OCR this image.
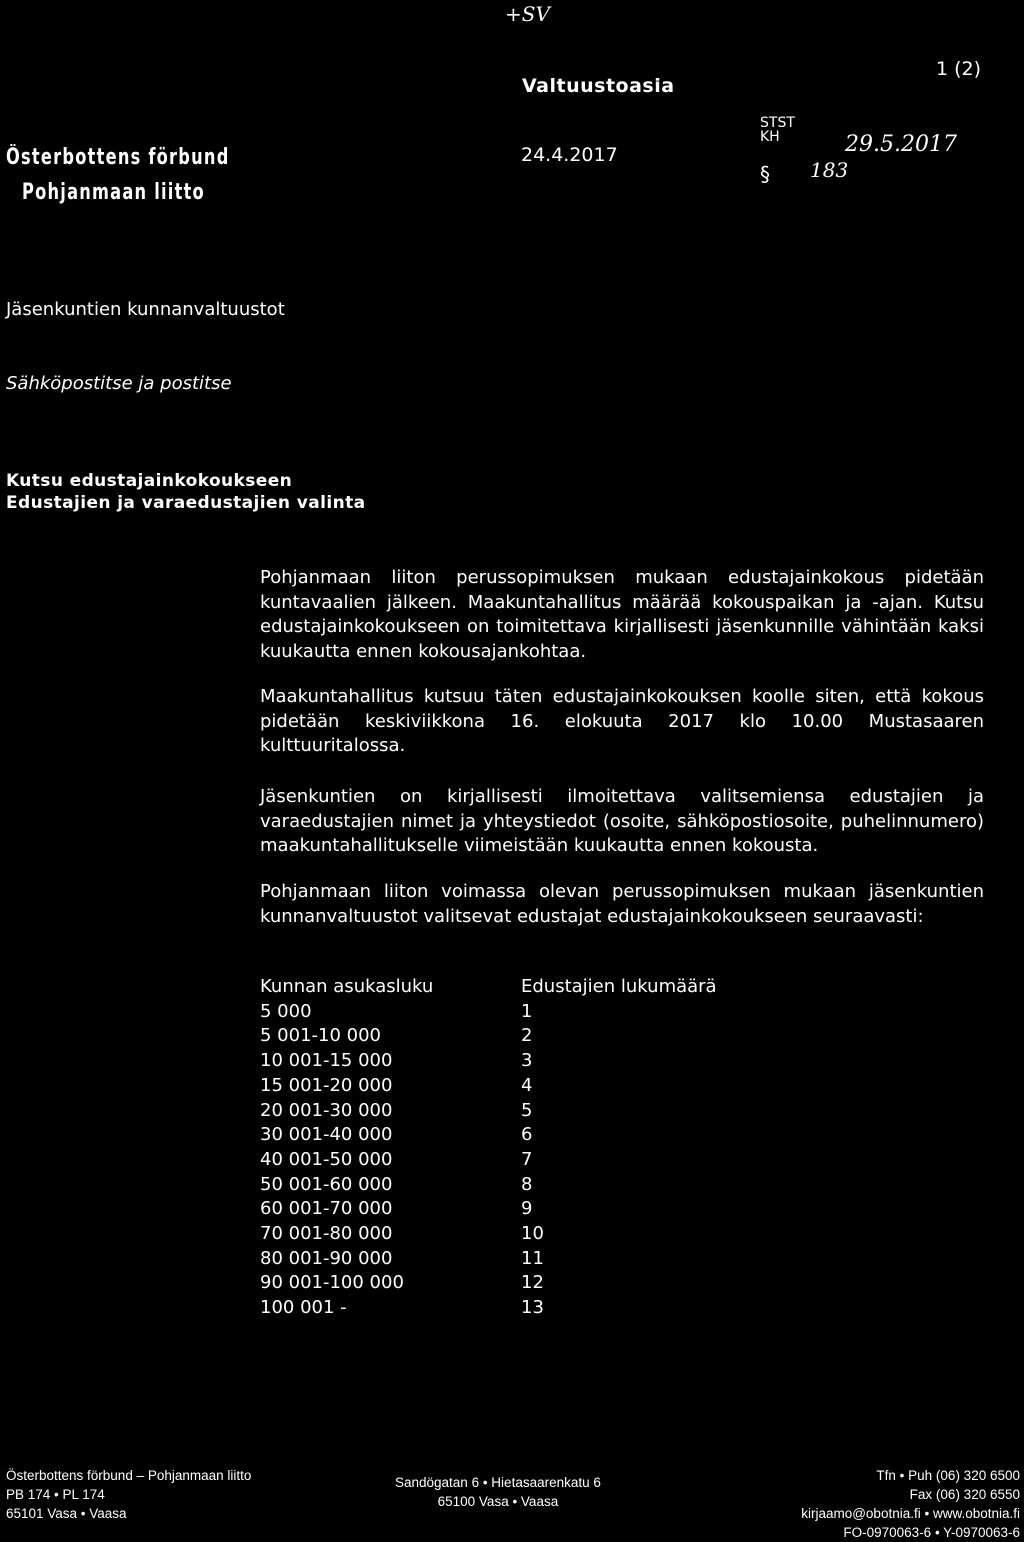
+SV
1 (2)
Valtuustoasia
Österbottens förbund
Pohjanmaan liitto
24.4.2017
STST
KH
§
29.5.2017
183
Jäsenkuntien kunnanvaltuustot
Sähköpostitse ja postitse
Kutsu edustajainkokoukseen
Edustajien ja varaedustajien valinta

Pohjanmaan liiton perussopimuksen mukaan edustajainkokous pidetään kuntavaalien jälkeen. Maakuntahallitus määrää kokouspaikan ja -ajan. Kutsu edustajainkokoukseen on toimitettava kirjallisesti jäsenkunnille vähintään kaksi kuukautta ennen kokousajankohtaa.

Maakuntahallitus kutsuu täten edustajainkokouksen koolle siten, että kokous pidetään keskiviikkona 16. elokuuta 2017 klo 10.00 Mustasaaren kulttuuritalossa.

Jäsenkuntien on kirjallisesti ilmoitettava valitsemiensa edustajien ja varaedustajien nimet ja yhteystiedot (osoite, sähköpostiosoite, puhelinnumero) maakuntahallitukselle viimeistään kuukautta ennen kokousta.

Pohjanmaan liiton voimassa olevan perussopimuksen mukaan jäsenkuntien kunnanvaltuustot valitsevat edustajat edustajainkokoukseen seuraavasti:

Kunnan asukasluku	Edustajien lukumäärä
5 000	1
5 001-10 000	2
10 001-15 000	3
15 001-20 000	4
20 001-30 000	5
30 001-40 000	6
40 001-50 000	7
50 001-60 000	8
60 001-70 000	9
70 001-80 000	10
80 001-90 000	11
90 001-100 000	12
100 001 -	13
Österbottens förbund – Pohjanmaan liitto
PB 174 • PL 174
65101 Vasa • Vaasa
Sandögatan 6 • Hietasaarenkatu 6
65100 Vasa • Vaasa
Tfn • Puh (06) 320 6500
Fax (06) 320 6550
kirjaamo@obotnia.fi • www.obotnia.fi
FO-0970063-6 • Y-0970063-6
